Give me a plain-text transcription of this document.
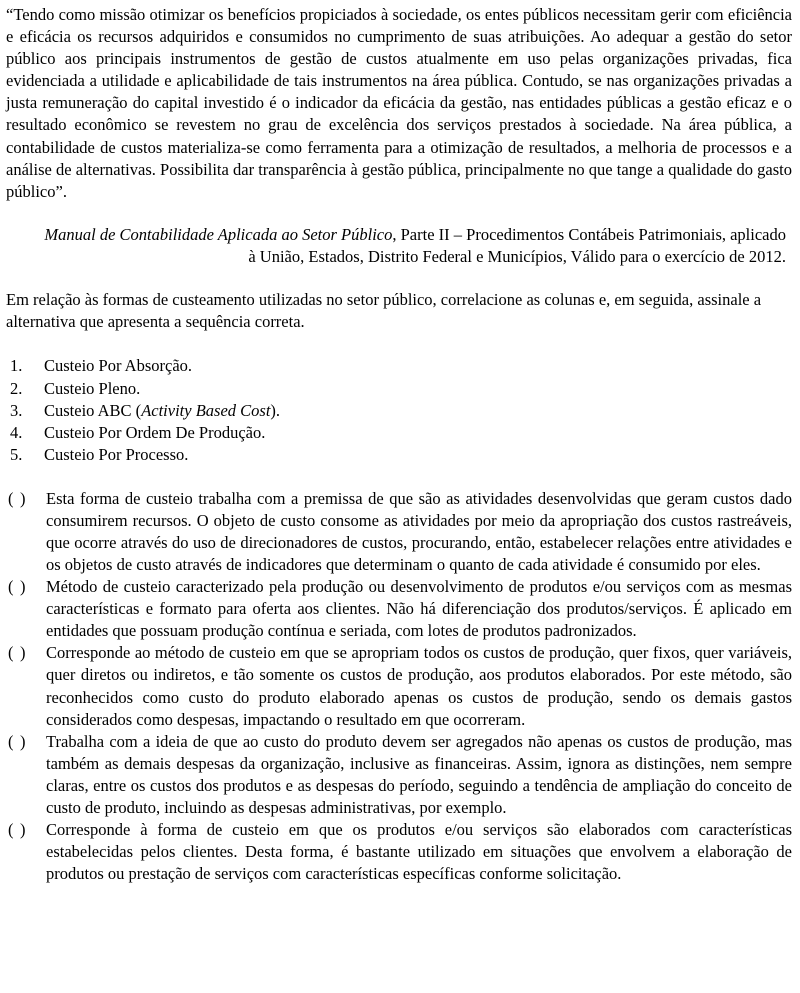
“Tendo como missão otimizar os benefícios propiciados à sociedade, os entes públicos necessitam gerir com eficiência e eficácia os recursos adquiridos e consumidos no cumprimento de suas atribuições. Ao adequar a gestão do setor público aos principais instrumentos de gestão de custos atualmente em uso pelas organizações privadas, fica evidenciada a utilidade e aplicabilidade de tais instrumentos na área pública. Contudo, se nas organizações privadas a justa remuneração do capital investido é o indicador da eficácia da gestão, nas entidades públicas a gestão eficaz e o resultado econômico se revestem no grau de excelência dos serviços prestados à sociedade. Na área pública, a contabilidade de custos materializa-se como ferramenta para a otimização de resultados, a melhoria de processos e a análise de alternativas. Possibilita dar transparência à gestão pública, principalmente no que tange a qualidade do gasto público”.

Manual de Contabilidade Aplicada ao Setor Público, Parte II – Procedimentos Contábeis Patrimoniais, aplicado à União, Estados, Distrito Federal e Municípios, Válido para o exercício de 2012.

Em relação às formas de custeamento utilizadas no setor público, correlacione as colunas e, em seguida, assinale a alternativa que apresenta a sequência correta.

1. Custeio Por Absorção.
2. Custeio Pleno.
3. Custeio ABC (Activity Based Cost).
4. Custeio Por Ordem De Produção.
5. Custeio Por Processo.
( ) Esta forma de custeio trabalha com a premissa de que são as atividades desenvolvidas que geram custos dado consumirem recursos. O objeto de custo consome as atividades por meio da apropriação dos custos rastreáveis, que ocorre através do uso de direcionadores de custos, procurando, então, estabelecer relações entre atividades e os objetos de custo através de indicadores que determinam o quanto de cada atividade é consumido por eles.
( ) Método de custeio caracterizado pela produção ou desenvolvimento de produtos e/ou serviços com as mesmas características e formato para oferta aos clientes. Não há diferenciação dos produtos/serviços. É aplicado em entidades que possuam produção contínua e seriada, com lotes de produtos padronizados.
( ) Corresponde ao método de custeio em que se apropriam todos os custos de produção, quer fixos, quer variáveis, quer diretos ou indiretos, e tão somente os custos de produção, aos produtos elaborados. Por este método, são reconhecidos como custo do produto elaborado apenas os custos de produção, sendo os demais gastos considerados como despesas, impactando o resultado em que ocorreram.
( ) Trabalha com a ideia de que ao custo do produto devem ser agregados não apenas os custos de produção, mas também as demais despesas da organização, inclusive as financeiras. Assim, ignora as distinções, nem sempre claras, entre os custos dos produtos e as despesas do período, seguindo a tendência de ampliação do conceito de custo de produto, incluindo as despesas administrativas, por exemplo.
( ) Corresponde à forma de custeio em que os produtos e/ou serviços são elaborados com características estabelecidas pelos clientes. Desta forma, é bastante utilizado em situações que envolvem a elaboração de produtos ou prestação de serviços com características específicas conforme solicitação.
